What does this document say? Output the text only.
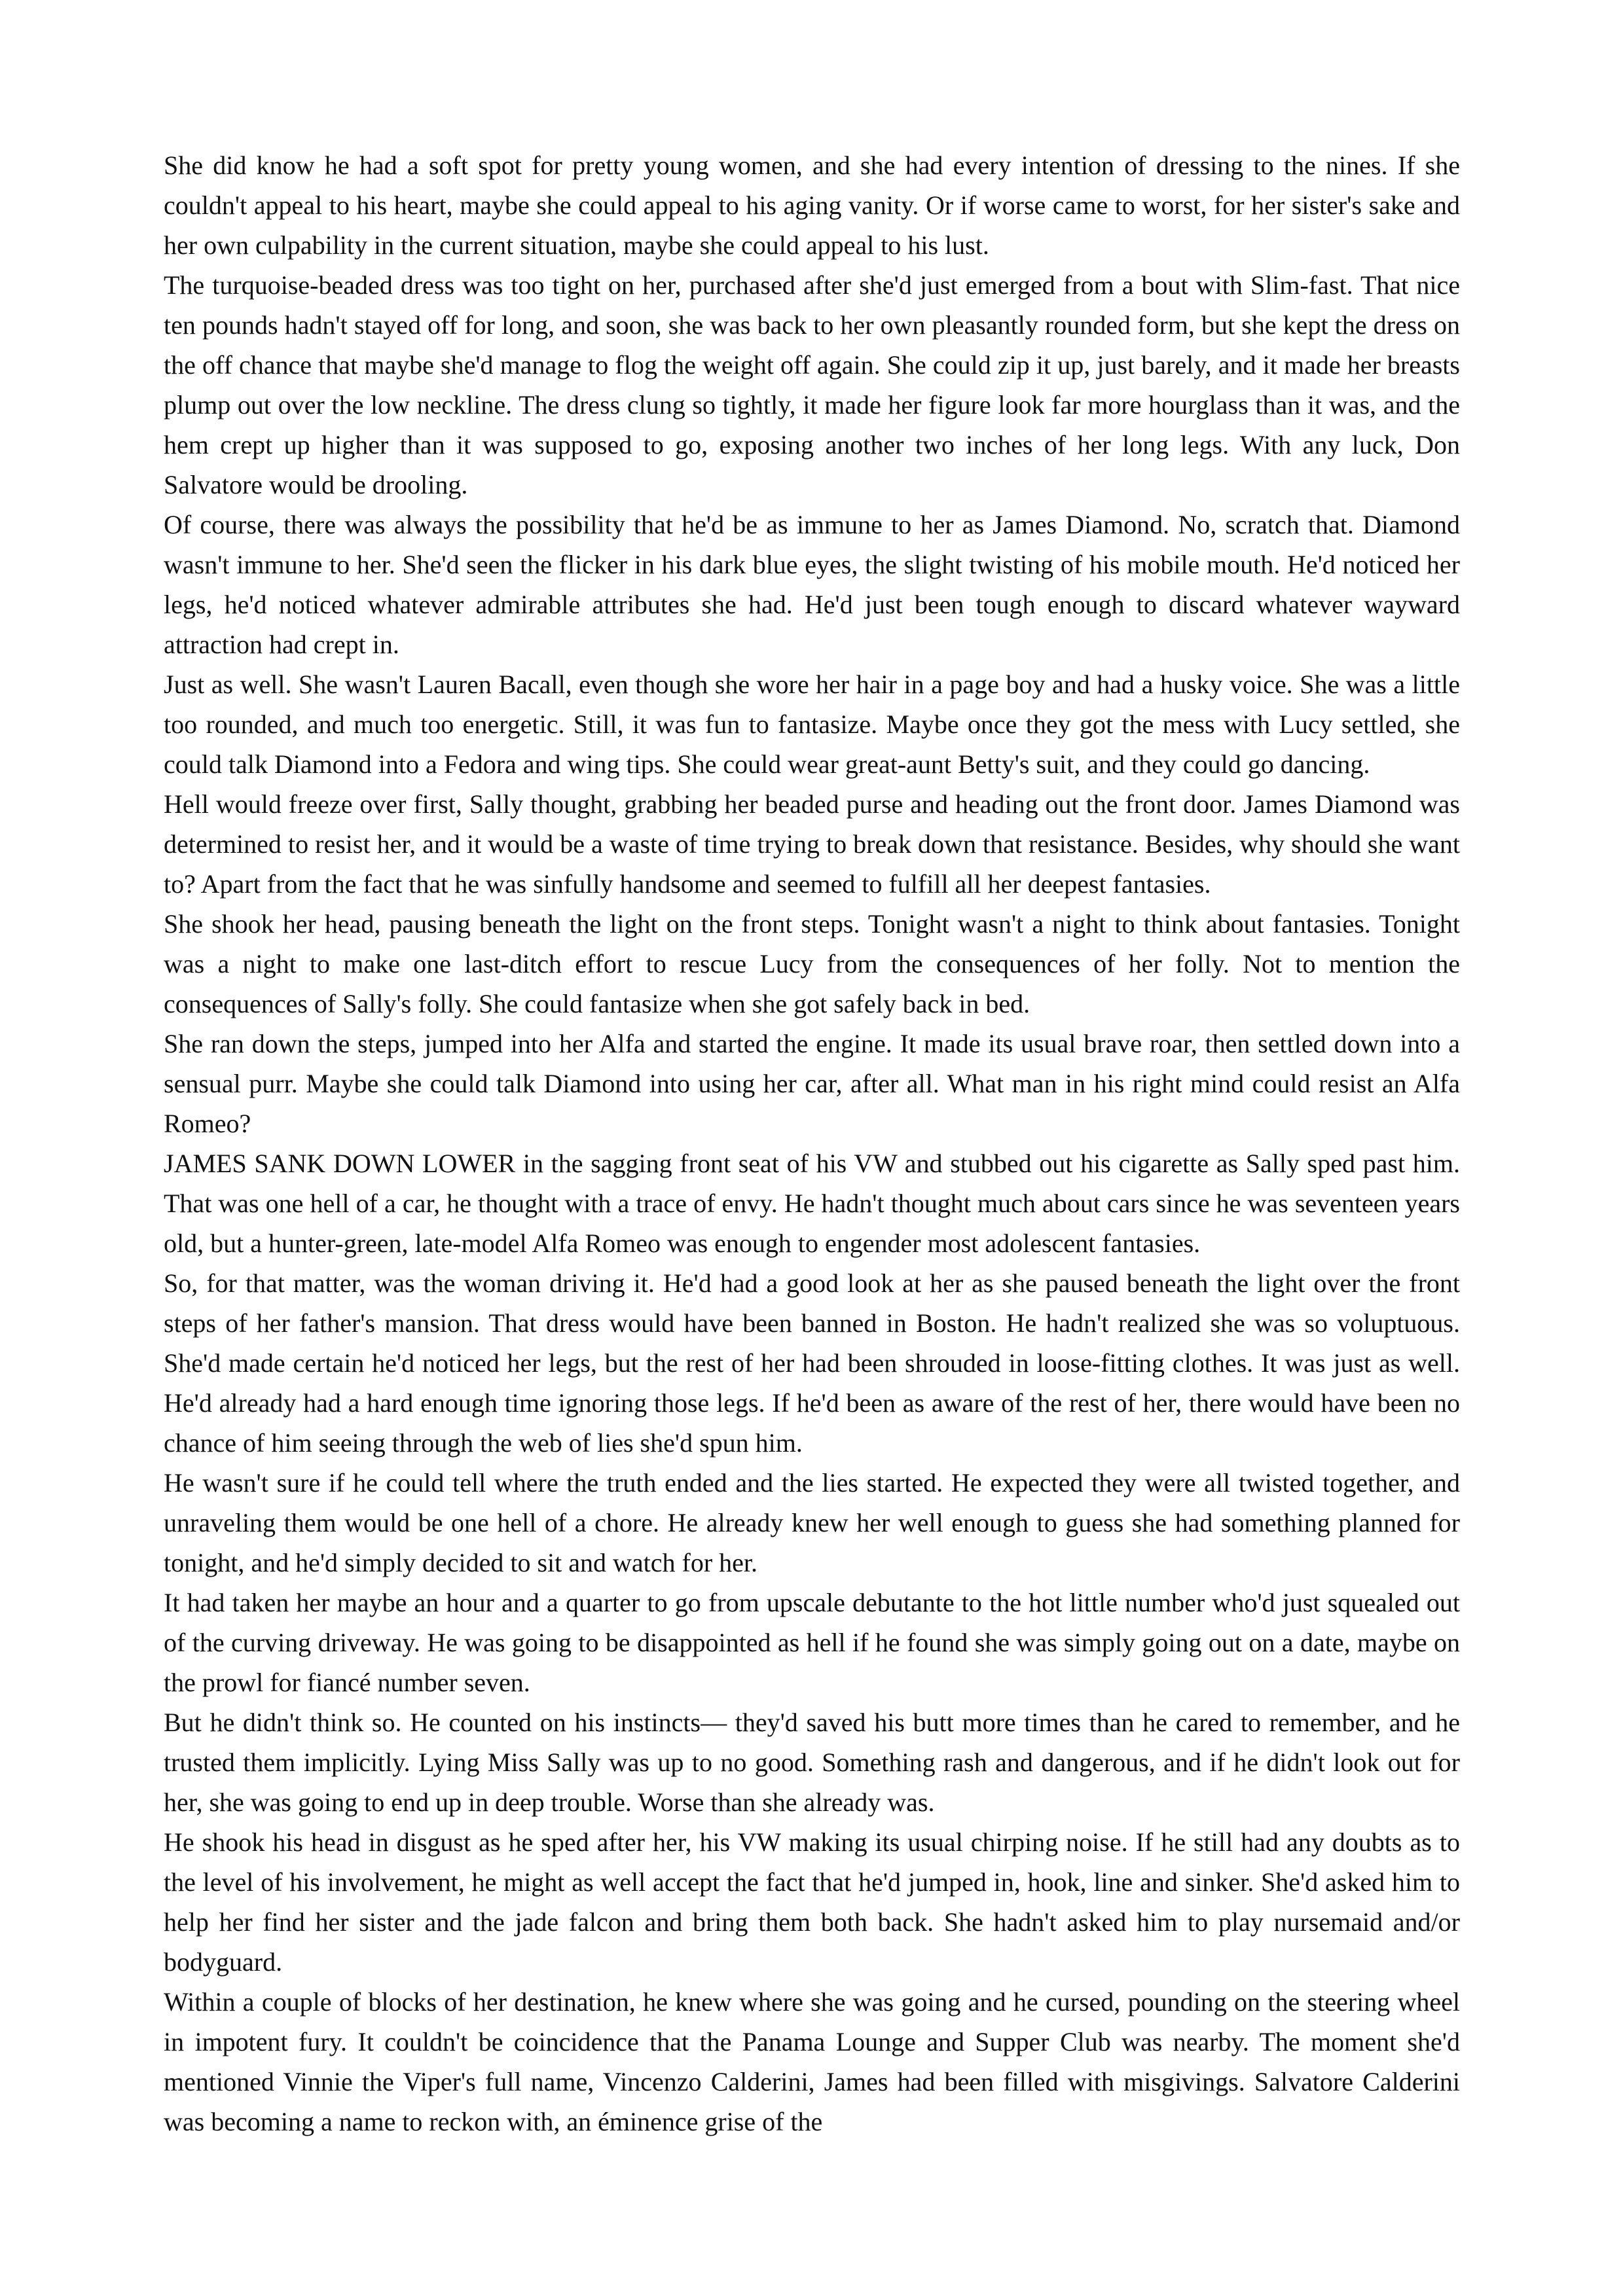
She did know he had a soft spot for pretty young women, and she had every intention of dressing to the nines. If she couldn't appeal to his heart, maybe she could appeal to his aging vanity. Or if worse came to worst, for her sister's sake and her own culpability in the current situation, maybe she could appeal to his lust.

The turquoise-beaded dress was too tight on her, purchased after she'd just emerged from a bout with Slim-fast. That nice ten pounds hadn't stayed off for long, and soon, she was back to her own pleasantly rounded form, but she kept the dress on the off chance that maybe she'd manage to flog the weight off again. She could zip it up, just barely, and it made her breasts plump out over the low neckline. The dress clung so tightly, it made her figure look far more hourglass than it was, and the hem crept up higher than it was supposed to go, exposing another two inches of her long legs. With any luck, Don Salvatore would be drooling.

Of course, there was always the possibility that he'd be as immune to her as James Diamond. No, scratch that. Diamond wasn't immune to her. She'd seen the flicker in his dark blue eyes, the slight twisting of his mobile mouth. He'd noticed her legs, he'd noticed whatever admirable attributes she had. He'd just been tough enough to discard whatever wayward attraction had crept in.

Just as well. She wasn't Lauren Bacall, even though she wore her hair in a page boy and had a husky voice. She was a little too rounded, and much too energetic. Still, it was fun to fantasize. Maybe once they got the mess with Lucy settled, she could talk Diamond into a Fedora and wing tips. She could wear great-aunt Betty's suit, and they could go dancing.

Hell would freeze over first, Sally thought, grabbing her beaded purse and heading out the front door. James Diamond was determined to resist her, and it would be a waste of time trying to break down that resistance. Besides, why should she want to? Apart from the fact that he was sinfully handsome and seemed to fulfill all her deepest fantasies.

She shook her head, pausing beneath the light on the front steps. Tonight wasn't a night to think about fantasies. Tonight was a night to make one last-ditch effort to rescue Lucy from the consequences of her folly. Not to mention the consequences of Sally's folly. She could fantasize when she got safely back in bed.

She ran down the steps, jumped into her Alfa and started the engine. It made its usual brave roar, then settled down into a sensual purr. Maybe she could talk Diamond into using her car, after all. What man in his right mind could resist an Alfa Romeo?

JAMES SANK DOWN LOWER in the sagging front seat of his VW and stubbed out his cigarette as Sally sped past him. That was one hell of a car, he thought with a trace of envy. He hadn't thought much about cars since he was seventeen years old, but a hunter-green, late-model Alfa Romeo was enough to engender most adolescent fantasies.

So, for that matter, was the woman driving it. He'd had a good look at her as she paused beneath the light over the front steps of her father's mansion. That dress would have been banned in Boston. He hadn't realized she was so voluptuous. She'd made certain he'd noticed her legs, but the rest of her had been shrouded in loose-fitting clothes. It was just as well. He'd already had a hard enough time ignoring those legs. If he'd been as aware of the rest of her, there would have been no chance of him seeing through the web of lies she'd spun him.

He wasn't sure if he could tell where the truth ended and the lies started. He expected they were all twisted together, and unraveling them would be one hell of a chore. He already knew her well enough to guess she had something planned for tonight, and he'd simply decided to sit and watch for her.

It had taken her maybe an hour and a quarter to go from upscale debutante to the hot little number who'd just squealed out of the curving driveway. He was going to be disappointed as hell if he found she was simply going out on a date, maybe on the prowl for fiancé number seven.

But he didn't think so. He counted on his instincts— they'd saved his butt more times than he cared to remember, and he trusted them implicitly. Lying Miss Sally was up to no good. Something rash and dangerous, and if he didn't look out for her, she was going to end up in deep trouble. Worse than she already was.

He shook his head in disgust as he sped after her, his VW making its usual chirping noise. If he still had any doubts as to the level of his involvement, he might as well accept the fact that he'd jumped in, hook, line and sinker. She'd asked him to help her find her sister and the jade falcon and bring them both back. She hadn't asked him to play nursemaid and/or bodyguard.

Within a couple of blocks of her destination, he knew where she was going and he cursed, pounding on the steering wheel in impotent fury. It couldn't be coincidence that the Panama Lounge and Supper Club was nearby. The moment she'd mentioned Vinnie the Viper's full name, Vincenzo Calderini, James had been filled with misgivings. Salvatore Calderini was becoming a name to reckon with, an éminence grise of the
